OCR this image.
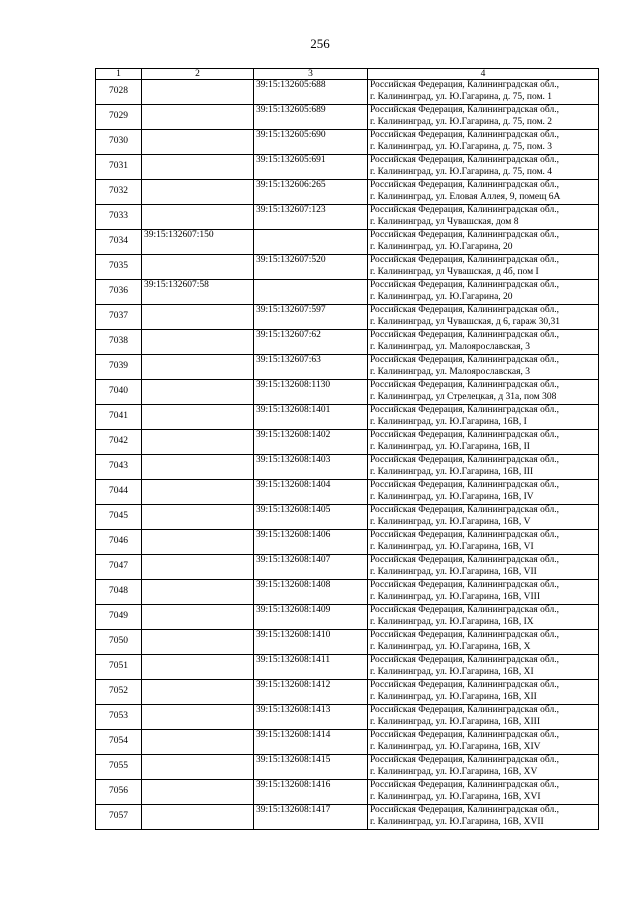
256
1	2	3	4
7028		39:15:132605:688	Российская Федерация, Калининградская обл.,
г. Калининград, ул. Ю.Гагарина, д. 75, пом. 1

7029		39:15:132605:689	Российская Федерация, Калининградская обл.,
г. Калининград, ул. Ю.Гагарина, д. 75, пом. 2

7030		39:15:132605:690	Российская Федерация, Калининградская обл.,
г. Калининград, ул. Ю.Гагарина, д. 75, пом. 3

7031		39:15:132605:691	Российская Федерация, Калининградская обл.,
г. Калининград, ул. Ю.Гагарина, д. 75, пом. 4

7032		39:15:132606:265	Российская Федерация, Калининградская обл.,
г. Калининград, ул. Еловая Аллея, 9, помещ 6А

7033		39:15:132607:123	Российская Федерация, Калининградская обл.,
г. Калининград, ул Чувашская, дом 8

7034	39:15:132607:150		Российская Федерация, Калининградская обл.,
г. Калининград, ул. Ю.Гагарина, 20

7035		39:15:132607:520	Российская Федерация, Калининградская обл.,
г. Калининград, ул Чувашская, д 4б, пом I

7036	39:15:132607:58		Российская Федерация, Калининградская обл.,
г. Калининград, ул. Ю.Гагарина, 20

7037		39:15:132607:597	Российская Федерация, Калининградская обл.,
г. Калининград, ул Чувашская, д 6, гараж 30,31

7038		39:15:132607:62	Российская Федерация, Калининградская обл.,
г. Калининград, ул. Малоярославская, 3

7039		39:15:132607:63	Российская Федерация, Калининградская обл.,
г. Калининград, ул. Малоярославская, 3

7040		39:15:132608:1130	Российская Федерация, Калининградская обл.,
г. Калининград, ул Стрелецкая, д 31а, пом 308

7041		39:15:132608:1401	Российская Федерация, Калининградская обл.,
г. Калининград, ул. Ю.Гагарина, 16В, I

7042		39:15:132608:1402	Российская Федерация, Калининградская обл.,
г. Калининград, ул. Ю.Гагарина, 16В, II

7043		39:15:132608:1403	Российская Федерация, Калининградская обл.,
г. Калининград, ул. Ю.Гагарина, 16В, III

7044		39:15:132608:1404	Российская Федерация, Калининградская обл.,
г. Калининград, ул. Ю.Гагарина, 16В, IV

7045		39:15:132608:1405	Российская Федерация, Калининградская обл.,
г. Калининград, ул. Ю.Гагарина, 16В, V

7046		39:15:132608:1406	Российская Федерация, Калининградская обл.,
г. Калининград, ул. Ю.Гагарина, 16В, VI

7047		39:15:132608:1407	Российская Федерация, Калининградская обл.,
г. Калининград, ул. Ю.Гагарина, 16В, VII

7048		39:15:132608:1408	Российская Федерация, Калининградская обл.,
г. Калининград, ул. Ю.Гагарина, 16В, VIII

7049		39:15:132608:1409	Российская Федерация, Калининградская обл.,
г. Калининград, ул. Ю.Гагарина, 16В, IX

7050		39:15:132608:1410	Российская Федерация, Калининградская обл.,
г. Калининград, ул. Ю.Гагарина, 16В, X

7051		39:15:132608:1411	Российская Федерация, Калининградская обл.,
г. Калининград, ул. Ю.Гагарина, 16В, XI

7052		39:15:132608:1412	Российская Федерация, Калининградская обл.,
г. Калининград, ул. Ю.Гагарина, 16В, XII

7053		39:15:132608:1413	Российская Федерация, Калининградская обл.,
г. Калининград, ул. Ю.Гагарина, 16В, XIII

7054		39:15:132608:1414	Российская Федерация, Калининградская обл.,
г. Калининград, ул. Ю.Гагарина, 16В, XIV

7055		39:15:132608:1415	Российская Федерация, Калининградская обл.,
г. Калининград, ул. Ю.Гагарина, 16В, XV

7056		39:15:132608:1416	Российская Федерация, Калининградская обл.,
г. Калининград, ул. Ю.Гагарина, 16В, XVI

7057		39:15:132608:1417	Российская Федерация, Калининградская обл.,
г. Калининград, ул. Ю.Гагарина, 16В, XVII
